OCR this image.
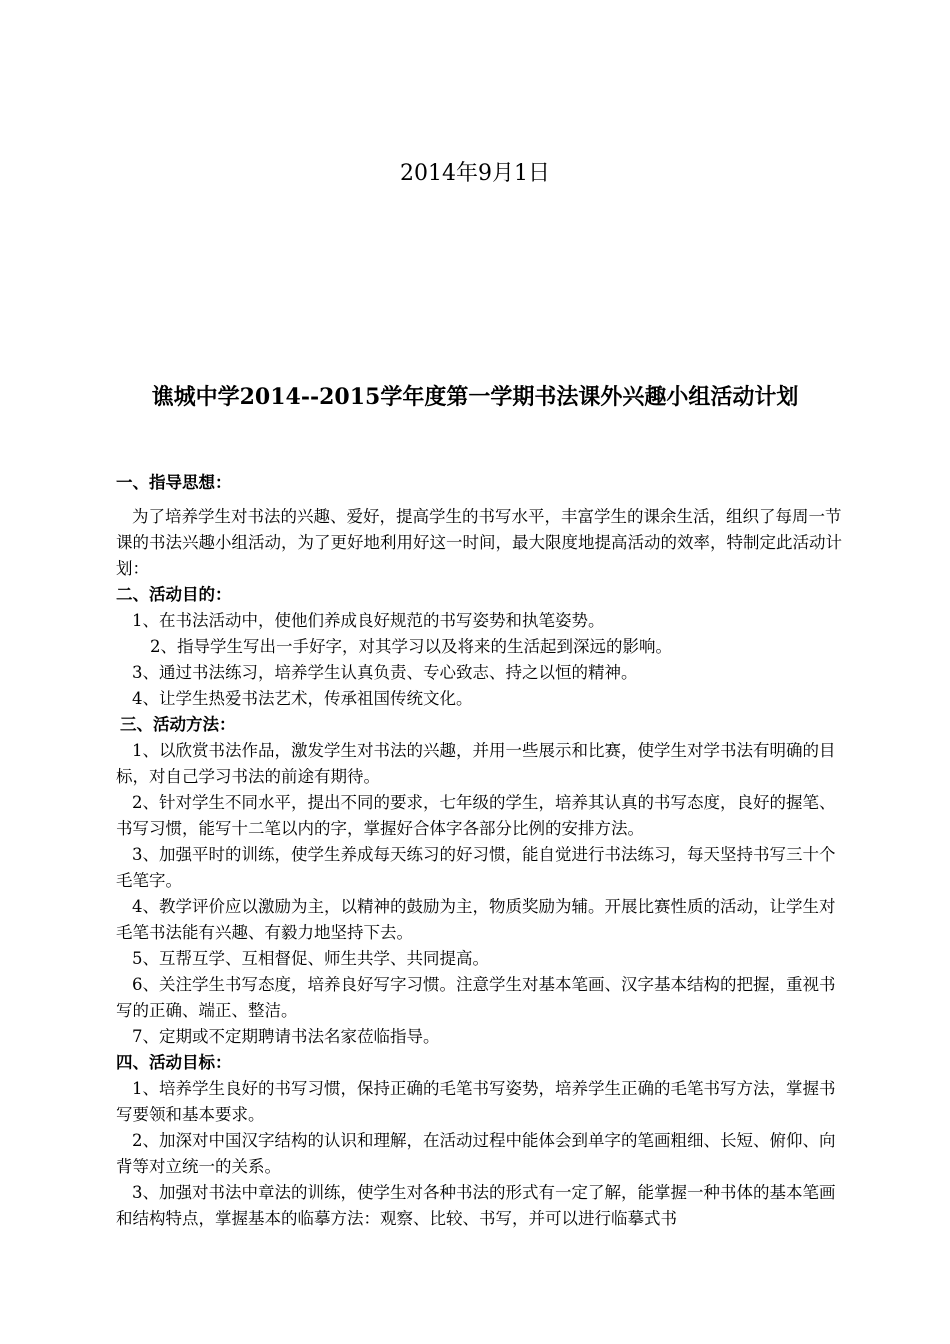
2014年9月1日
谯城中学2014--2015学年度第一学期书法课外兴趣小组活动计划

一、指导思想：

为了培养学生对书法的兴趣、爱好，提高学生的书写水平，丰富学生的课余生活，组织了每周一节课的书法兴趣小组活动，为了更好地利用好这一时间，最大限度地提高活动的效率，特制定此活动计划：

二、活动目的：

1、在书法活动中，使他们养成良好规范的书写姿势和执笔姿势。

2、指导学生写出一手好字，对其学习以及将来的生活起到深远的影响。

3、通过书法练习，培养学生认真负责、专心致志、持之以恒的精神。

4、让学生热爱书法艺术，传承祖国传统文化。

三、活动方法：

1、以欣赏书法作品，激发学生对书法的兴趣，并用一些展示和比赛，使学生对学书法有明确的目标，对自己学习书法的前途有期待。

2、针对学生不同水平，提出不同的要求，七年级的学生，培养其认真的书写态度，良好的握笔、书写习惯，能写十二笔以内的字，掌握好合体字各部分比例的安排方法。

3、加强平时的训练，使学生养成每天练习的好习惯，能自觉进行书法练习，每天坚持书写三十个毛笔字。

4、教学评价应以激励为主，以精神的鼓励为主，物质奖励为辅。开展比赛性质的活动，让学生对毛笔书法能有兴趣、有毅力地坚持下去。

5、互帮互学、互相督促、师生共学、共同提高。

6、关注学生书写态度，培养良好写字习惯。注意学生对基本笔画、汉字基本结构的把握，重视书写的正确、端正、整洁。

7、定期或不定期聘请书法名家莅临指导。

四、活动目标：

1、培养学生良好的书写习惯，保持正确的毛笔书写姿势，培养学生正确的毛笔书写方法，掌握书写要领和基本要求。

2、加深对中国汉字结构的认识和理解，在活动过程中能体会到单字的笔画粗细、长短、俯仰、向背等对立统一的关系。

3、加强对书法中章法的训练，使学生对各种书法的形式有一定了解，能掌握一种书体的基本笔画和结构特点，掌握基本的临摹方法：观察、比较、书写，并可以进行临摹式书
